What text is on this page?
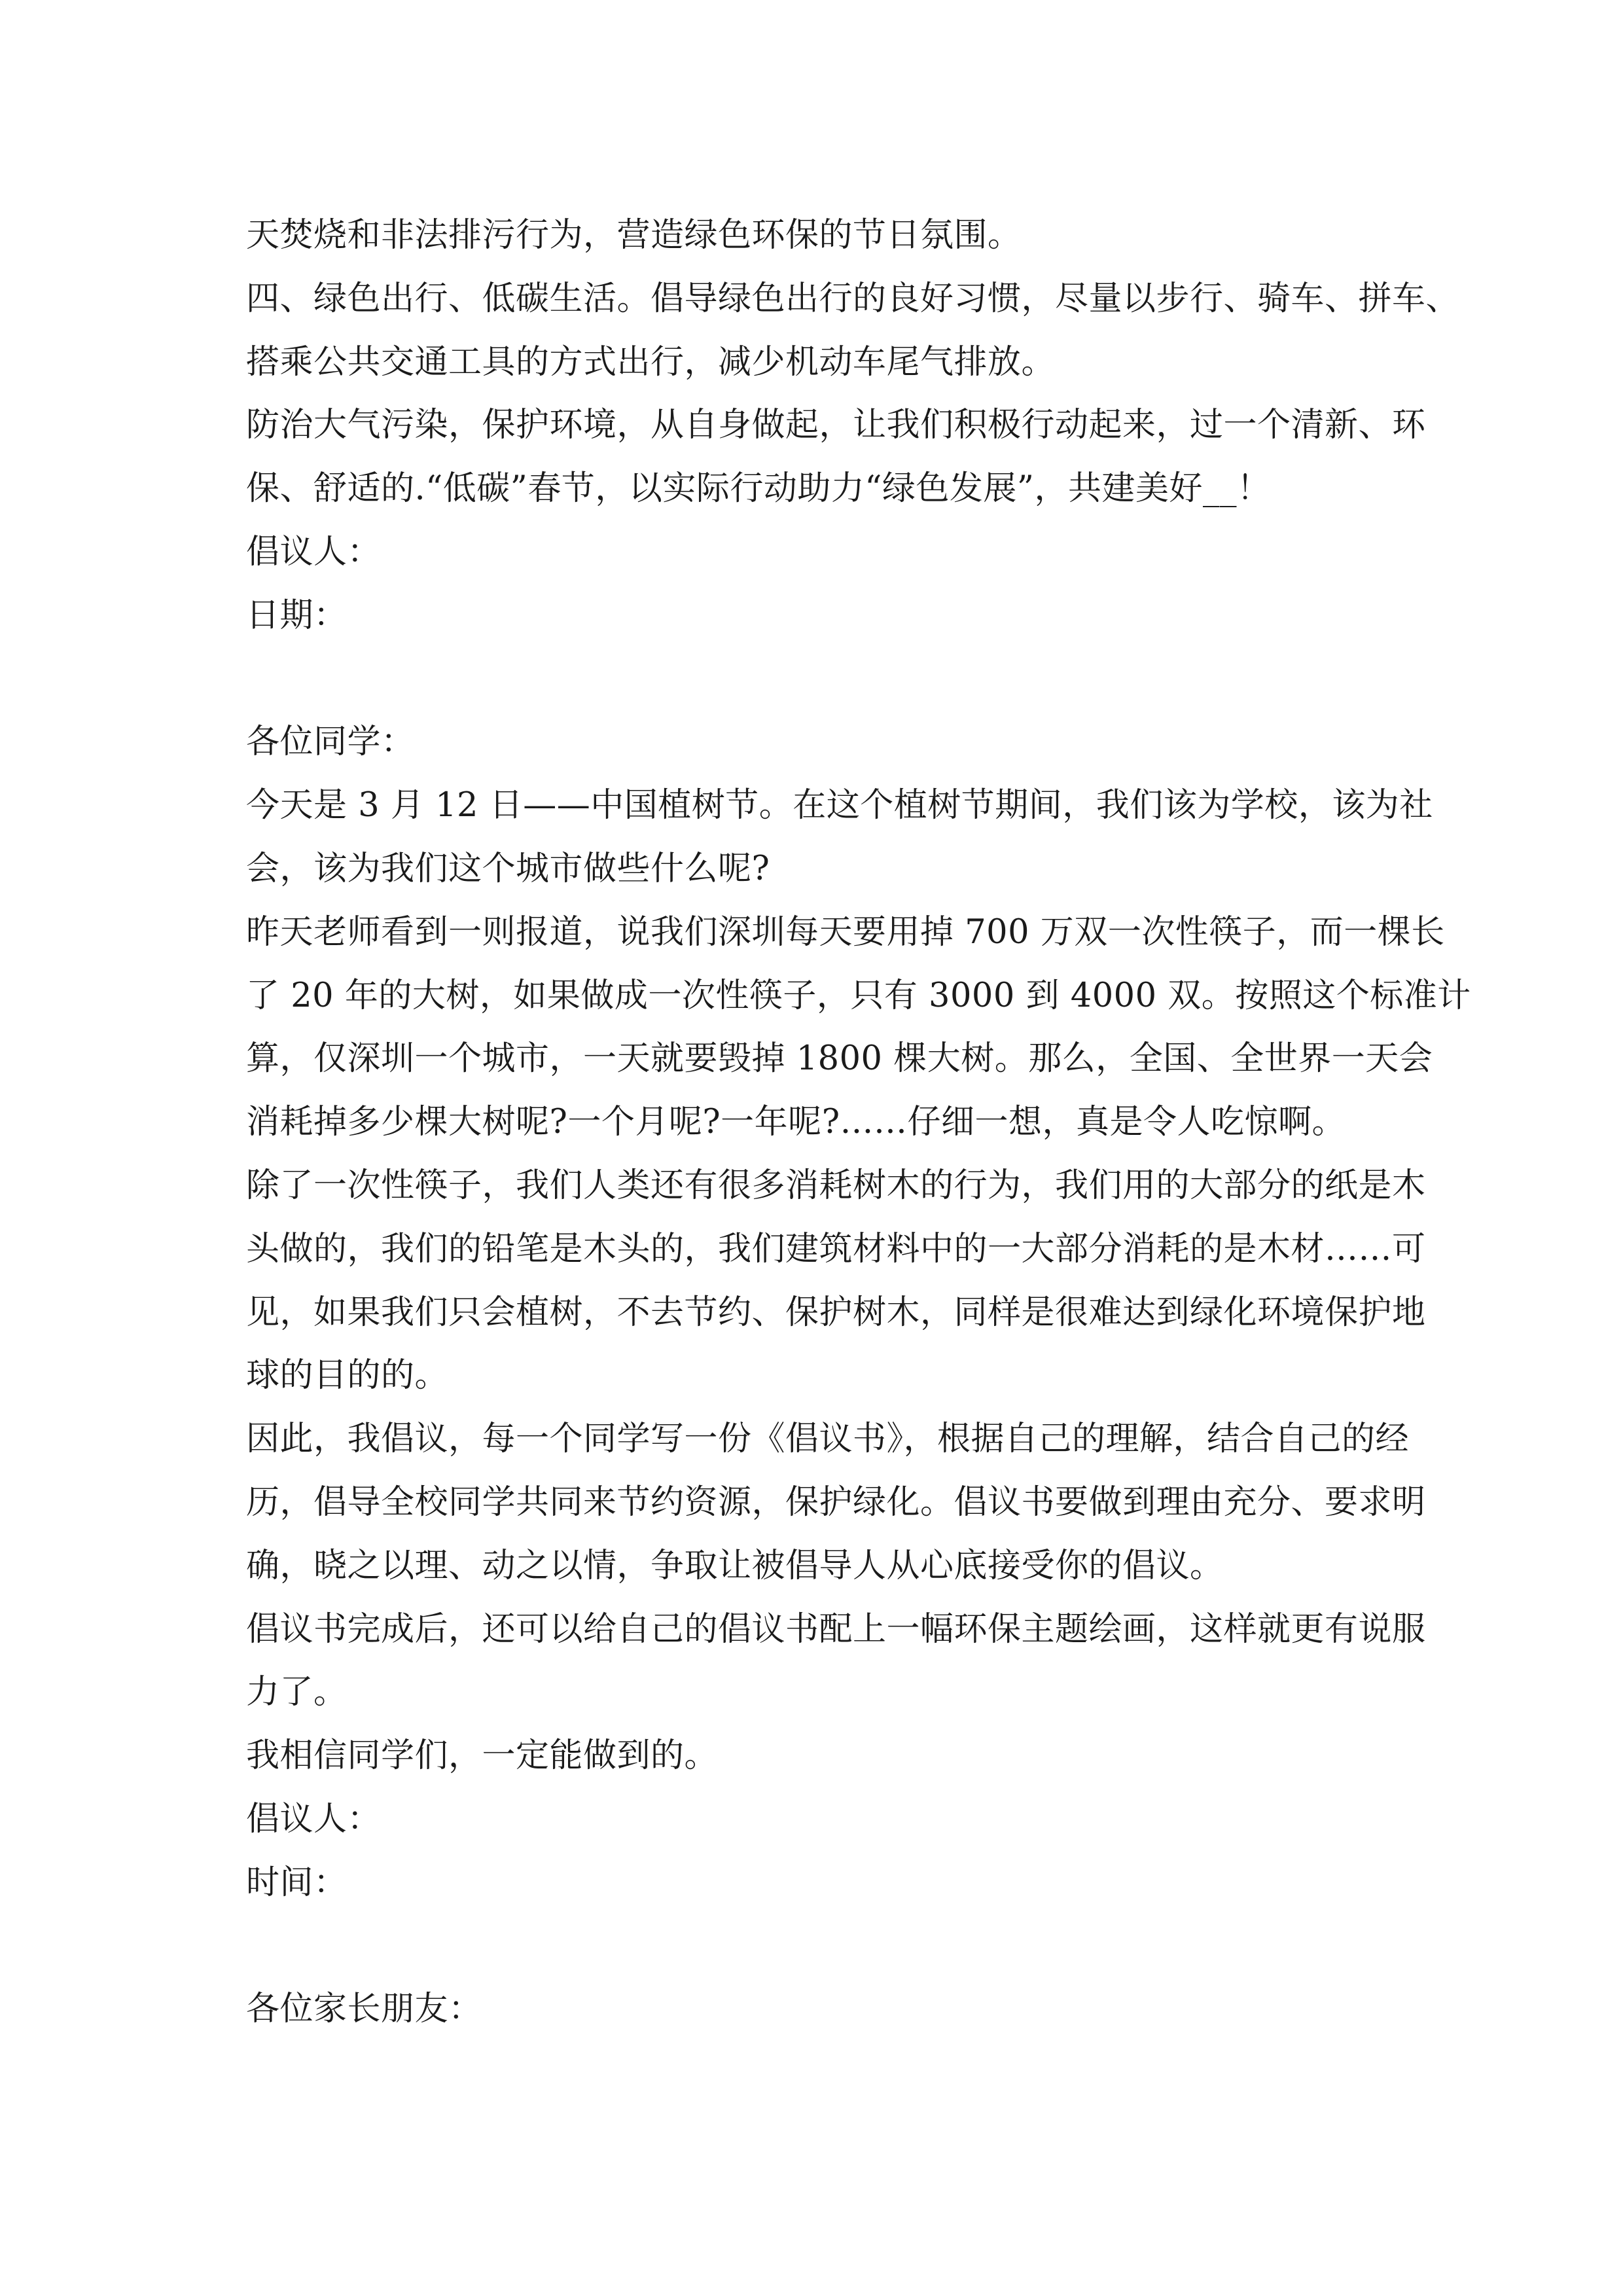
天焚烧和非法排污行为，营造绿色环保的节日氛围。
四、绿色出行、低碳生活。倡导绿色出行的良好习惯，尽量以步行、骑车、拼车、
搭乘公共交通工具的方式出行，减少机动车尾气排放。
防治大气污染，保护环境，从自身做起，让我们积极行动起来，过一个清新、环
保、舒适的.“低碳”春节，以实际行动助力“绿色发展”，共建美好__！
倡议人：
日期：
各位同学：
今天是 3 月 12 日——中国植树节。在这个植树节期间，我们该为学校，该为社
会，该为我们这个城市做些什么呢?
昨天老师看到一则报道，说我们深圳每天要用掉 700 万双一次性筷子，而一棵长
了 20 年的大树，如果做成一次性筷子，只有 3000 到 4000 双。按照这个标准计
算，仅深圳一个城市，一天就要毁掉 1800 棵大树。那么，全国、全世界一天会
消耗掉多少棵大树呢?一个月呢?一年呢?……仔细一想，真是令人吃惊啊。
除了一次性筷子，我们人类还有很多消耗树木的行为，我们用的大部分的纸是木
头做的，我们的铅笔是木头的，我们建筑材料中的一大部分消耗的是木材……可
见，如果我们只会植树，不去节约、保护树木，同样是很难达到绿化环境保护地
球的目的的。
因此，我倡议，每一个同学写一份《倡议书》，根据自己的理解，结合自己的经
历，倡导全校同学共同来节约资源，保护绿化。倡议书要做到理由充分、要求明
确，晓之以理、动之以情，争取让被倡导人从心底接受你的倡议。
倡议书完成后，还可以给自己的倡议书配上一幅环保主题绘画，这样就更有说服
力了。
我相信同学们，一定能做到的。
倡议人：
时间：
各位家长朋友：
